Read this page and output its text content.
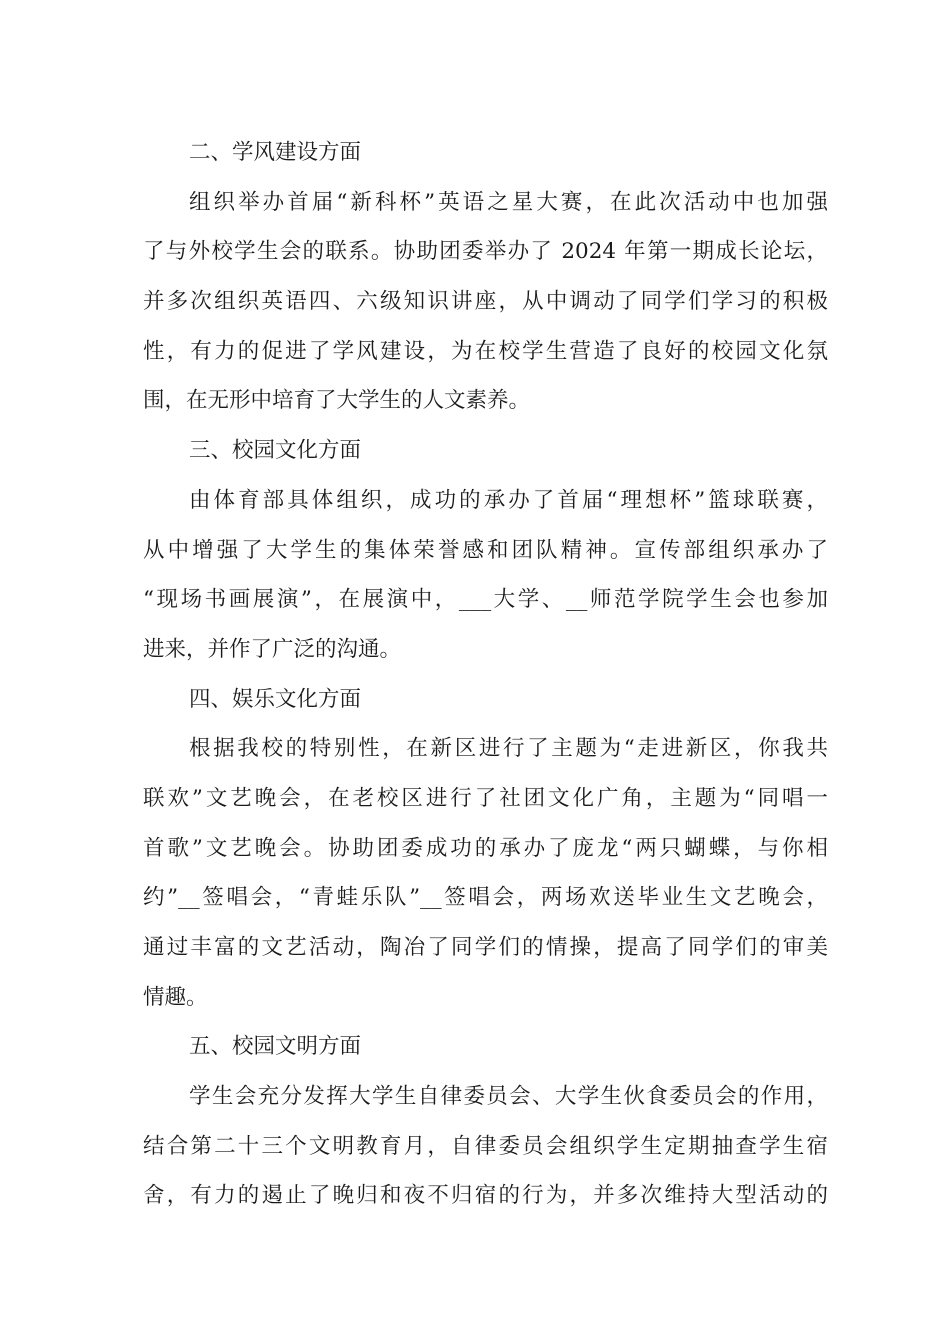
二、学风建设方面
组织举办首届“新科杯”英语之星大赛，在此次活动中也加强
了与外校学生会的联系。协助团委举办了 2024 年第一期成长论坛，
并多次组织英语四、六级知识讲座，从中调动了同学们学习的积极
性，有力的促进了学风建设，为在校学生营造了良好的校园文化氛
围，在无形中培育了大学生的人文素养。
三、校园文化方面
由体育部具体组织，成功的承办了首届“理想杯”篮球联赛，
从中增强了大学生的集体荣誉感和团队精神。宣传部组织承办了
“现场书画展演”，在展演中，___大学、__师范学院学生会也参加
进来，并作了广泛的沟通。
四、娱乐文化方面
根据我校的特别性，在新区进行了主题为“走进新区，你我共
联欢”文艺晚会，在老校区进行了社团文化广角，主题为“同唱一
首歌”文艺晚会。协助团委成功的承办了庞龙“两只蝴蝶，与你相
约”__签唱会，“青蛙乐队”__签唱会，两场欢送毕业生文艺晚会，
通过丰富的文艺活动，陶冶了同学们的情操，提高了同学们的审美
情趣。
五、校园文明方面
学生会充分发挥大学生自律委员会、大学生伙食委员会的作用，
结合第二十三个文明教育月，自律委员会组织学生定期抽查学生宿
舍，有力的遏止了晚归和夜不归宿的行为，并多次维持大型活动的
